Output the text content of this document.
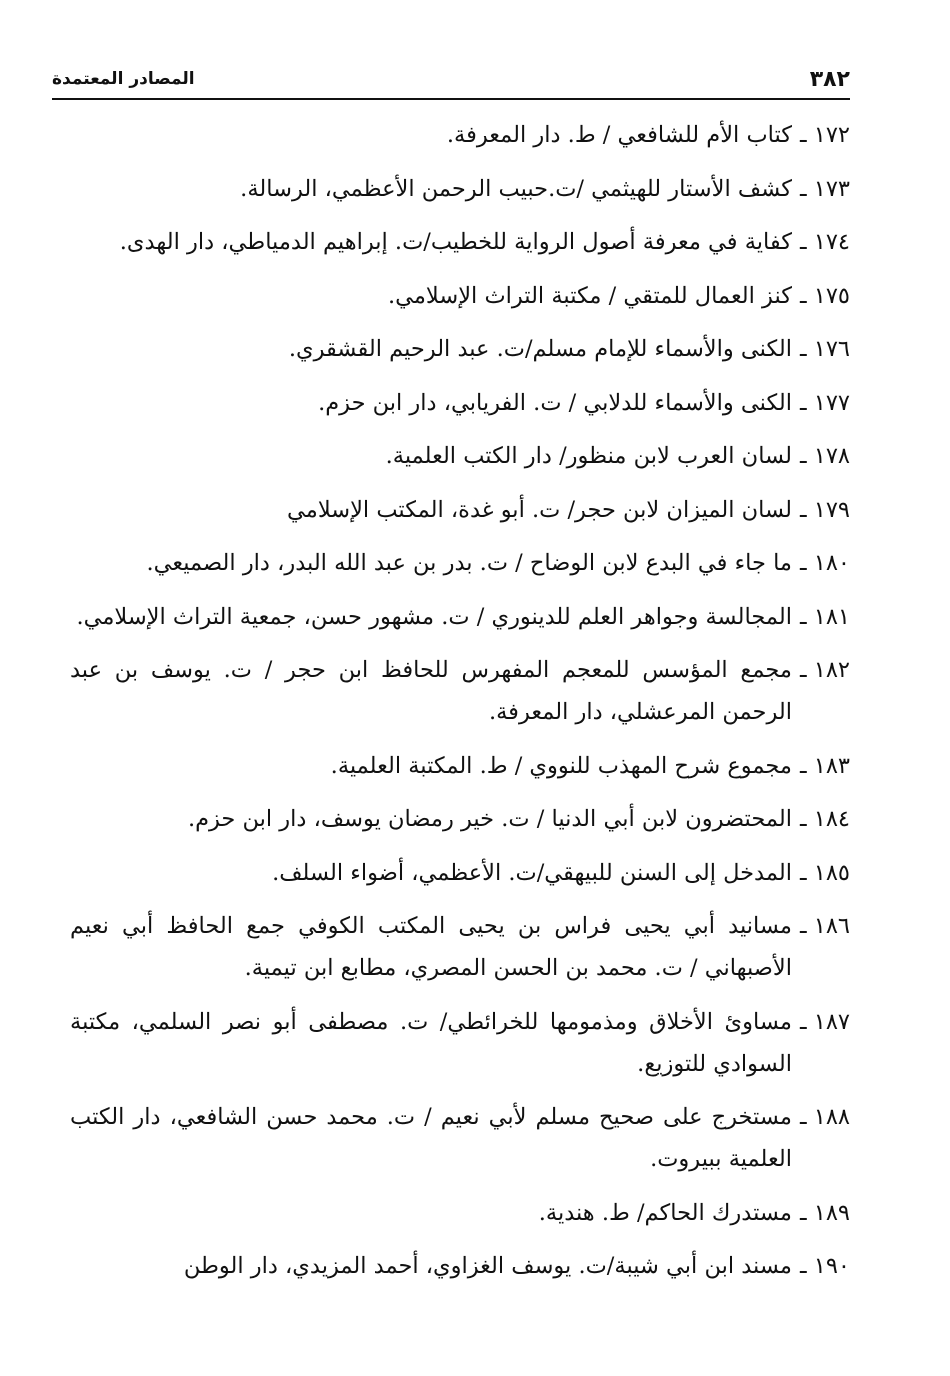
٣٨٢
المصادر المعتمدة
١٧٢ ـ
كتاب الأم للشافعي / ط. دار المعرفة.
١٧٣ ـ
كشف الأستار للهيثمي /ت.حبيب الرحمن الأعظمي، الرسالة.
١٧٤ ـ
كفاية في معرفة أصول الرواية للخطيب/ت. إبراهيم الدمياطي، دار الهدى.
١٧٥ ـ
كنز العمال للمتقي / مكتبة التراث الإسلامي.
١٧٦ ـ
الكنى والأسماء للإمام مسلم/ت. عبد الرحيم القشقري.
١٧٧ ـ
الكنى والأسماء للدلابي / ت. الفريابي، دار ابن حزم.
١٧٨ ـ
لسان العرب لابن منظور/ دار الكتب العلمية.
١٧٩ ـ
لسان الميزان لابن حجر/ ت. أبو غدة، المكتب الإسلامي
١٨٠ ـ
ما جاء في البدع لابن الوضاح / ت. بدر بن عبد الله البدر، دار الصميعي.
١٨١ ـ
المجالسة وجواهر العلم للدينوري / ت. مشهور حسن، جمعية التراث الإسلامي.
١٨٢ ـ
مجمع المؤسس للمعجم المفهرس للحافظ ابن حجر / ت. يوسف بن عبد الرحمن المرعشلي، دار المعرفة.
١٨٣ ـ
مجموع شرح المهذب للنووي / ط. المكتبة العلمية.
١٨٤ ـ
المحتضرون لابن أبي الدنيا / ت. خير رمضان يوسف، دار ابن حزم.
١٨٥ ـ
المدخل إلى السنن للبيهقي/ت. الأعظمي، أضواء السلف.
١٨٦ ـ
مسانيد أبي يحيى فراس بن يحيى المكتب الكوفي جمع الحافظ أبي نعيم الأصبهاني / ت. محمد بن الحسن المصري، مطابع ابن تيمية.
١٨٧ ـ
مساوئ الأخلاق ومذمومها للخرائطي/ ت. مصطفى أبو نصر السلمي، مكتبة السوادي للتوزيع.
١٨٨ ـ
مستخرج على صحيح مسلم لأبي نعيم / ت. محمد حسن الشافعي، دار الكتب العلمية ببيروت.
١٨٩ ـ
مستدرك الحاكم/ ط. هندية.
١٩٠ ـ
مسند ابن أبي شيبة/ت. يوسف الغزاوي، أحمد المزيدي، دار الوطن
